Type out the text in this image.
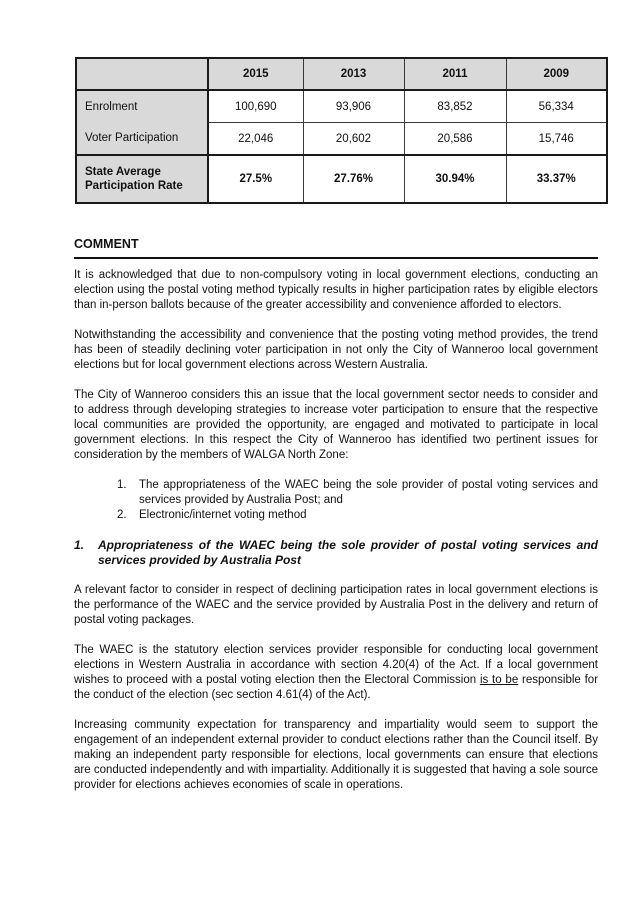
	2015	2013	2011	2009
Enrolment	100,690	93,906	83,852	56,334
Voter Participation	22,046	20,602	20,586	15,746
State Average Participation Rate	27.5%	27.76%	30.94%	33.37%
COMMENT

It is acknowledged that due to non-compulsory voting in local government elections, conducting an election using the postal voting method typically results in higher participation rates by eligible electors than in-person ballots because of the greater accessibility and convenience afforded to electors.

Notwithstanding the accessibility and convenience that the posting voting method provides, the trend has been of steadily declining voter participation in not only the City of Wanneroo local government elections but for local government elections across Western Australia.

The City of Wanneroo considers this an issue that the local government sector needs to consider and to address through developing strategies to increase voter participation to ensure that the respective local communities are provided the opportunity, are engaged and motivated to participate in local government elections. In this respect the City of Wanneroo has identified two pertinent issues for consideration by the members of WALGA North Zone:

1.	The appropriateness of the WAEC being the sole provider of postal voting services and services provided by Australia Post; and
2.	Electronic/internet voting method
1.	Appropriateness of the WAEC being the sole provider of postal voting services and services provided by Australia Post

A relevant factor to consider in respect of declining participation rates in local government elections is the performance of the WAEC and the service provided by Australia Post in the delivery and return of postal voting packages.

The WAEC is the statutory election services provider responsible for conducting local government elections in Western Australia in accordance with section 4.20(4) of the Act. If a local government wishes to proceed with a postal voting election then the Electoral Commission is to be responsible for the conduct of the election (sec section 4.61(4) of the Act).

Increasing community expectation for transparency and impartiality would seem to support the engagement of an independent external provider to conduct elections rather than the Council itself. By making an independent party responsible for elections, local governments can ensure that elections are conducted independently and with impartiality. Additionally it is suggested that having a sole source provider for elections achieves economies of scale in operations.
